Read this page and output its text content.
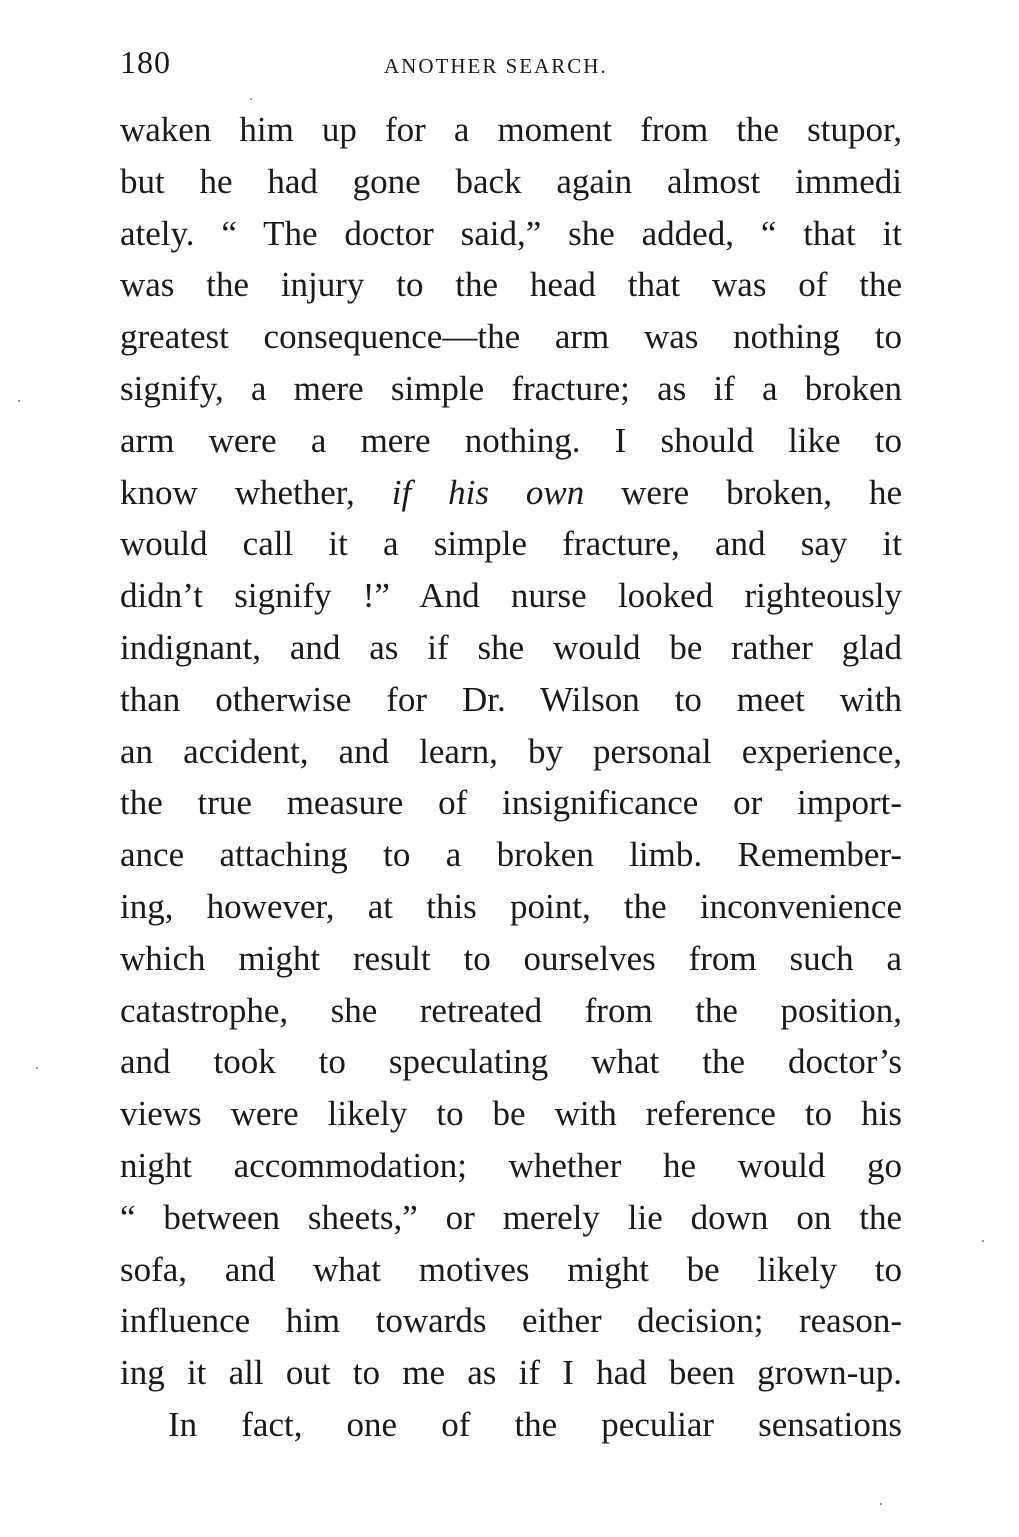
180	ANOTHER SEARCH.
waken him up for a moment from the stupor,
but he had gone back again almost immedi
ately. “ The doctor said,” she added, “ that it
was the injury to the head that was of the
greatest consequence—the arm was nothing to
signify, a mere simple fracture; as if a broken
arm were a mere nothing. I should like to
know whether, if his own were broken, he
would call it a simple fracture, and say it
didn’t signify !” And nurse looked righteously
indignant, and as if she would be rather glad
than otherwise for Dr. Wilson to meet with
an accident, and learn, by personal experience,
the true measure of insignificance or import-
ance attaching to a broken limb. Remember-
ing, however, at this point, the inconvenience
which might result to ourselves from such a
catastrophe, she retreated from the position,
and took to speculating what the doctor’s
views were likely to be with reference to his
night accommodation; whether he would go
“ between sheets,” or merely lie down on the
sofa, and what motives might be likely to
influence him towards either decision; reason-
ing it all out to me as if I had been grown-up.
In fact, one of the peculiar sensations
